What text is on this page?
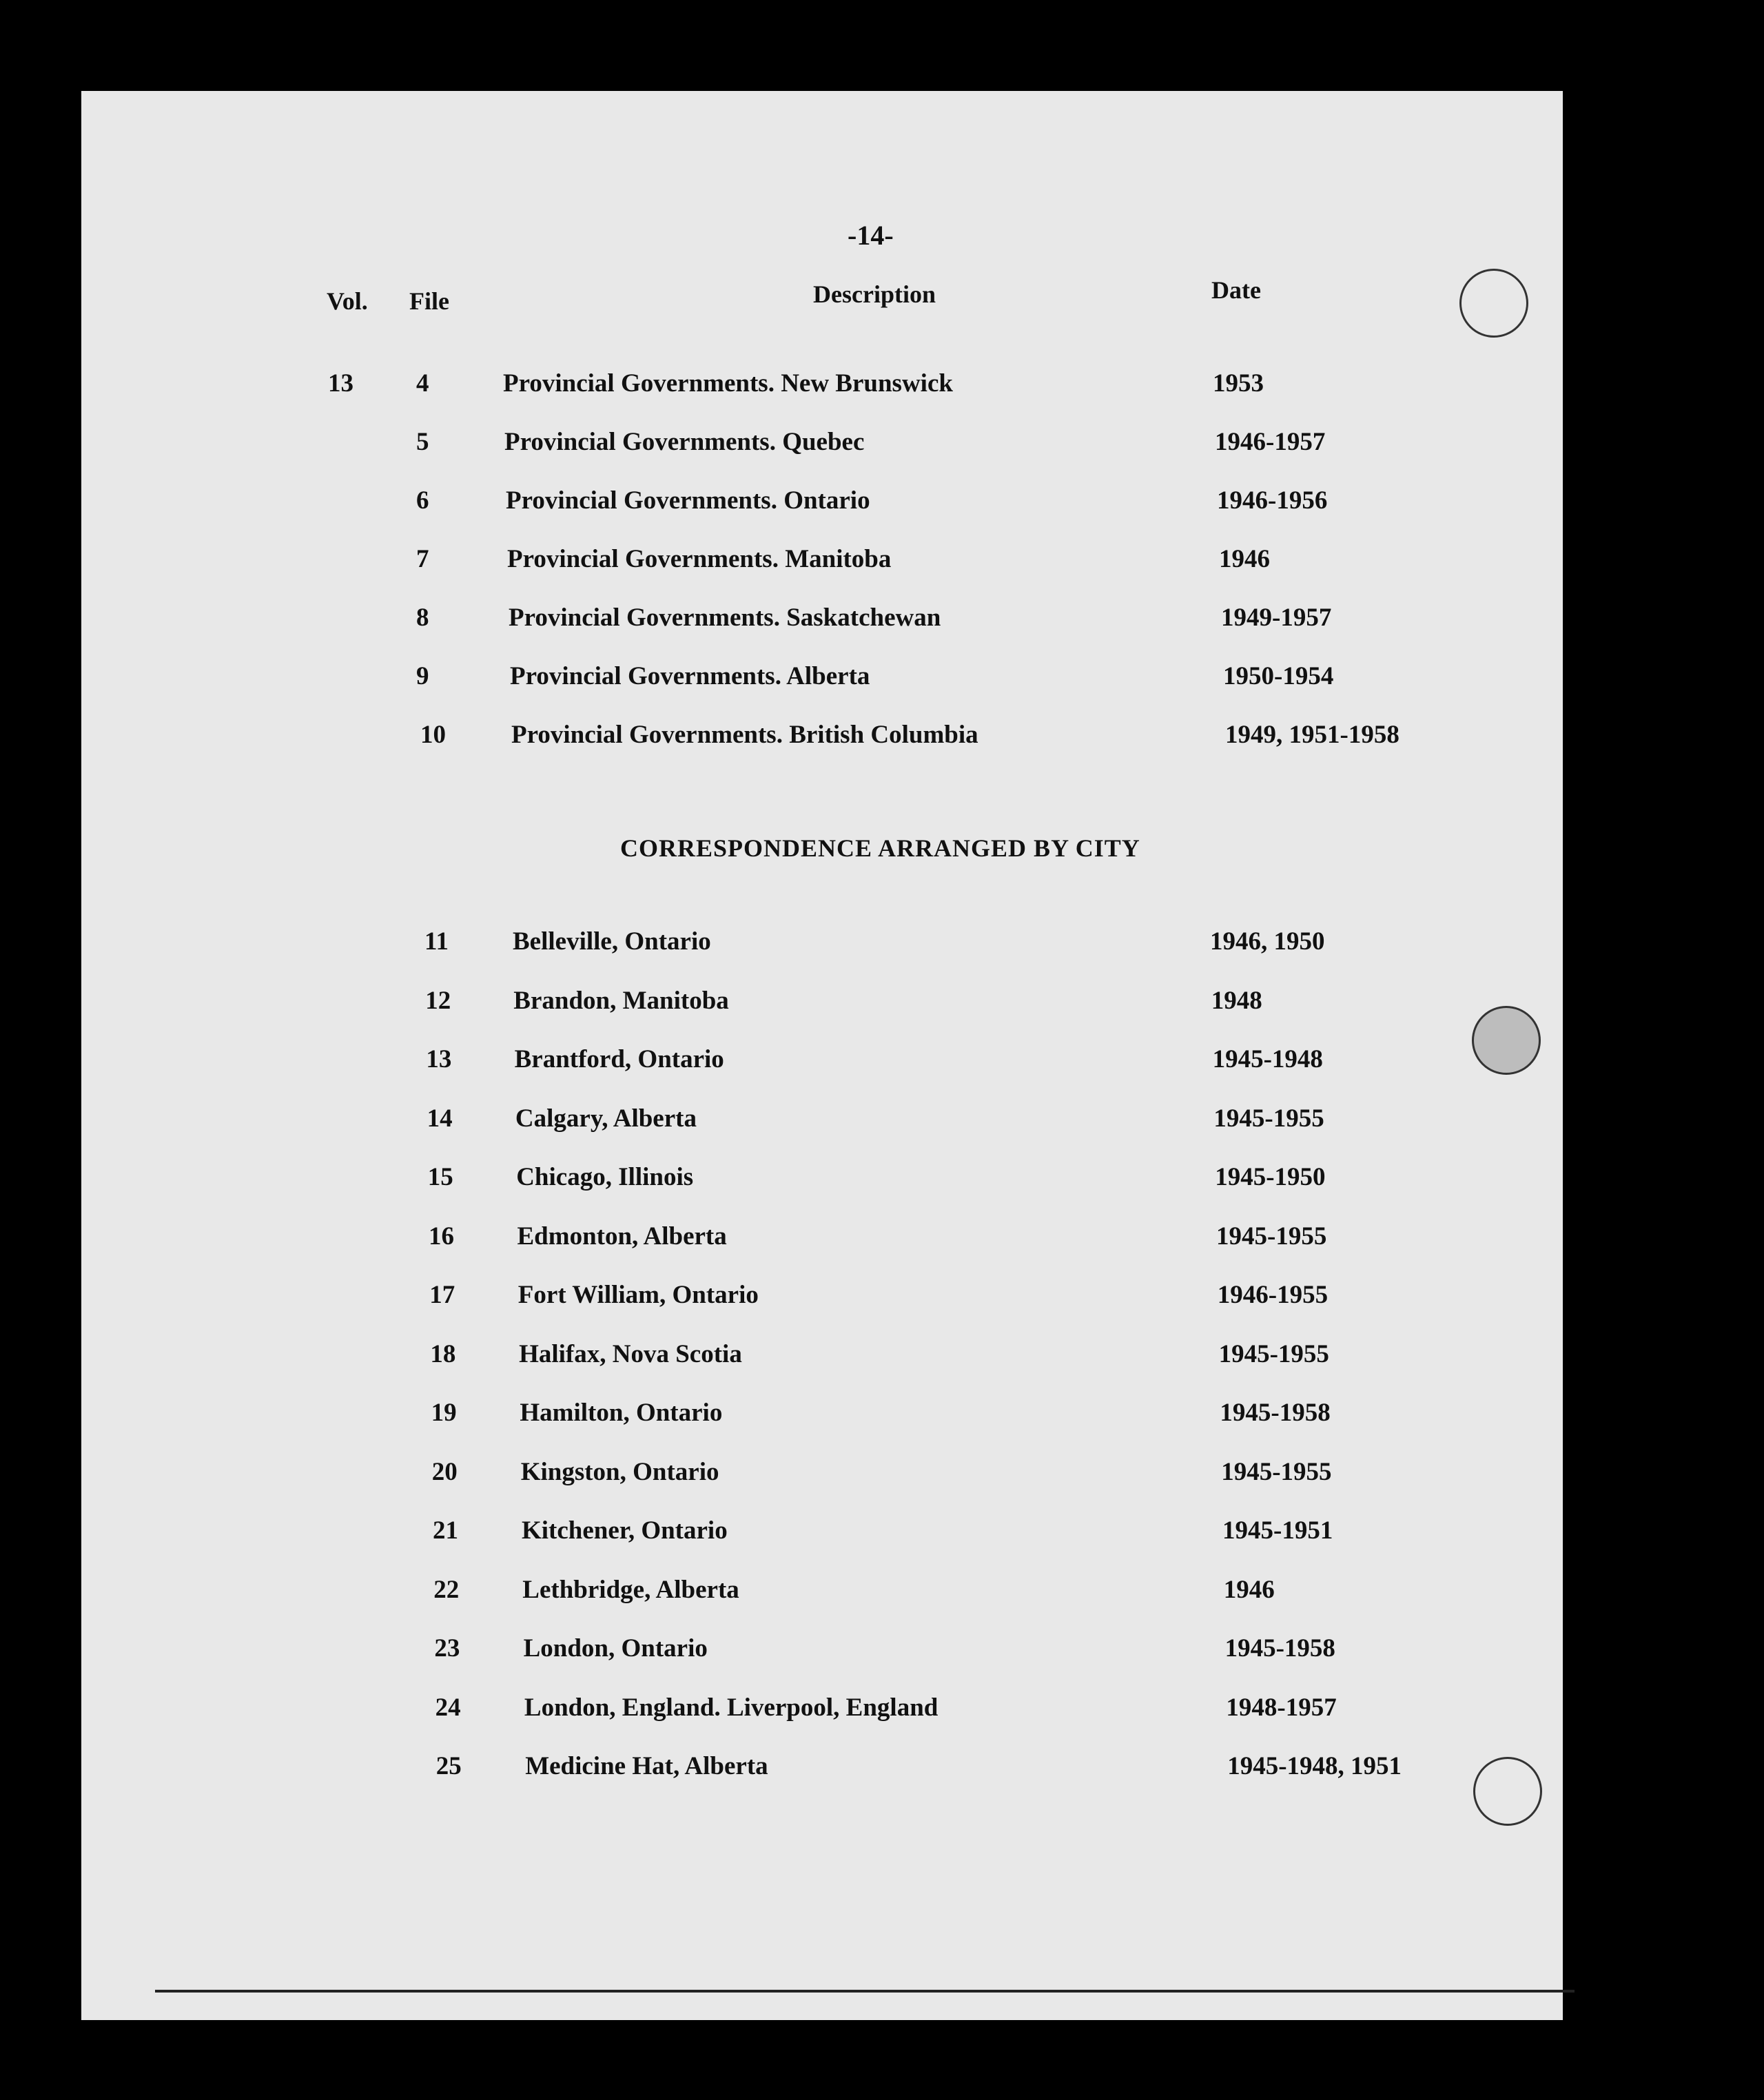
-14-
Vol. File	Description	Date
13 4	Provincial Governments. New Brunswick	1953
5	Provincial Governments. Quebec	1946-1957
6	Provincial Governments. Ontario	1946-1956
7	Provincial Governments. Manitoba	1946
8	Provincial Governments. Saskatchewan	1949-1957
9	Provincial Governments. Alberta	1950-1954
10	Provincial Governments. British Columbia	1949, 1951-1958
CORRESPONDENCE ARRANGED BY CITY
11	Belleville, Ontario	1946, 1950
12 Brandon, Manitoba	1948
13 Brantford, Ontario	1945-1948
14 Calgary, Alberta	1945-1955
15 Chicago, Illinois	1945-1950
16 Edmonton, Alberta	1945-1955
17 Fort William, Ontario	1946-1955
18 Halifax, Nova Scotia	1945-1955
19 Hamilton, Ontario	1945-1958
20 Kingston, Ontario	1945-1955
21 Kitchener, Ontario	1945-1951
22 Lethbridge, Alberta	1946
23 London, Ontario	1945-1958
24 London, England. Liverpool, England	1948-1957
25 Medicine Hat, Alberta	1945-1948, 1951
